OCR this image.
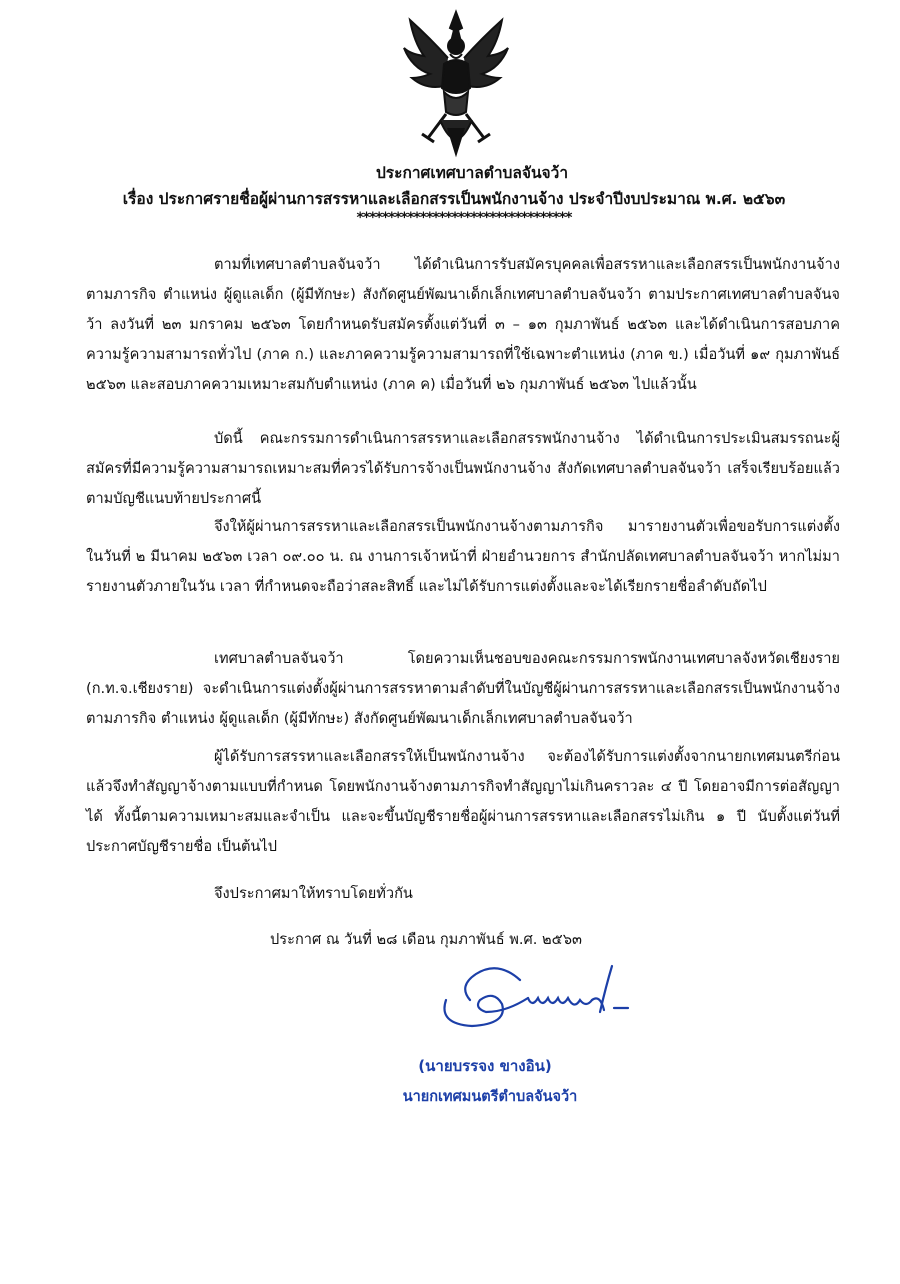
ประกาศเทศบาลตำบลจันจว้า
เรื่อง ประกาศรายชื่อผู้ผ่านการสรรหาและเลือกสรรเป็นพนักงานจ้าง ประจำปีงบประมาณ พ.ศ. ๒๕๖๓
**********************************

ตามที่เทศบาลตำบลจันจว้า ได้ดำเนินการรับสมัครบุคคลเพื่อสรรหาและเลือกสรรเป็นพนักงานจ้าง ตามภารกิจ ตำแหน่ง ผู้ดูแลเด็ก (ผู้มีทักษะ) สังกัดศูนย์พัฒนาเด็กเล็กเทศบาลตำบลจันจว้า ตามประกาศเทศบาลตำบลจันจว้า ลงวันที่ ๒๓ มกราคม ๒๕๖๓ โดยกำหนดรับสมัครตั้งแต่วันที่ ๓ – ๑๓ กุมภาพันธ์ ๒๕๖๓ และได้ดำเนินการสอบภาคความรู้ความสามารถทั่วไป (ภาค ก.) และภาคความรู้ความสามารถที่ใช้เฉพาะตำแหน่ง (ภาค ข.) เมื่อวันที่ ๑๙ กุมภาพันธ์ ๒๕๖๓ และสอบภาคความเหมาะสมกับตำแหน่ง (ภาค ค) เมื่อวันที่ ๒๖ กุมภาพันธ์ ๒๕๖๓ ไปแล้วนั้น

บัดนี้ คณะกรรมการดำเนินการสรรหาและเลือกสรรพนักงานจ้าง ได้ดำเนินการประเมินสมรรถนะผู้สมัครที่มีความรู้ความสามารถเหมาะสมที่ควรได้รับการจ้างเป็นพนักงานจ้าง สังกัดเทศบาลตำบลจันจว้า เสร็จเรียบร้อยแล้ว ตามบัญชีแนบท้ายประกาศนี้

จึงให้ผู้ผ่านการสรรหาและเลือกสรรเป็นพนักงานจ้างตามภารกิจ มารายงานตัวเพื่อขอรับการแต่งตั้ง ในวันที่ ๒ มีนาคม ๒๕๖๓ เวลา ๐๙.๐๐ น. ณ งานการเจ้าหน้าที่ ฝ่ายอำนวยการ สำนักปลัดเทศบาลตำบลจันจว้า หากไม่มารายงานตัวภายในวัน เวลา ที่กำหนดจะถือว่าสละสิทธิ์ และไม่ได้รับการแต่งตั้งและจะได้เรียกรายชื่อลำดับถัดไป

เทศบาลตำบลจันจว้า โดยความเห็นชอบของคณะกรรมการพนักงานเทศบาลจังหวัดเชียงราย (ก.ท.จ.เชียงราย) จะดำเนินการแต่งตั้งผู้ผ่านการสรรหาตามลำดับที่ในบัญชีผู้ผ่านการสรรหาและเลือกสรรเป็นพนักงานจ้างตามภารกิจ ตำแหน่ง ผู้ดูแลเด็ก (ผู้มีทักษะ) สังกัดศูนย์พัฒนาเด็กเล็กเทศบาลตำบลจันจว้า

ผู้ได้รับการสรรหาและเลือกสรรให้เป็นพนักงานจ้าง จะต้องได้รับการแต่งตั้งจากนายกเทศมนตรีก่อน แล้วจึงทำสัญญาจ้างตามแบบที่กำหนด โดยพนักงานจ้างตามภารกิจทำสัญญาไม่เกินคราวละ ๔ ปี โดยอาจมีการต่อสัญญาได้ ทั้งนี้ตามความเหมาะสมและจำเป็น และจะขึ้นบัญชีรายชื่อผู้ผ่านการสรรหาและเลือกสรรไม่เกิน ๑ ปี นับตั้งแต่วันที่ประกาศบัญชีรายชื่อ เป็นต้นไป

จึงประกาศมาให้ทราบโดยทั่วกัน
ประกาศ ณ วันที่ ๒๘ เดือน กุมภาพันธ์ พ.ศ. ๒๕๖๓
(นายบรรจง ขางอิน)
นายกเทศมนตรีตำบลจันจว้า
